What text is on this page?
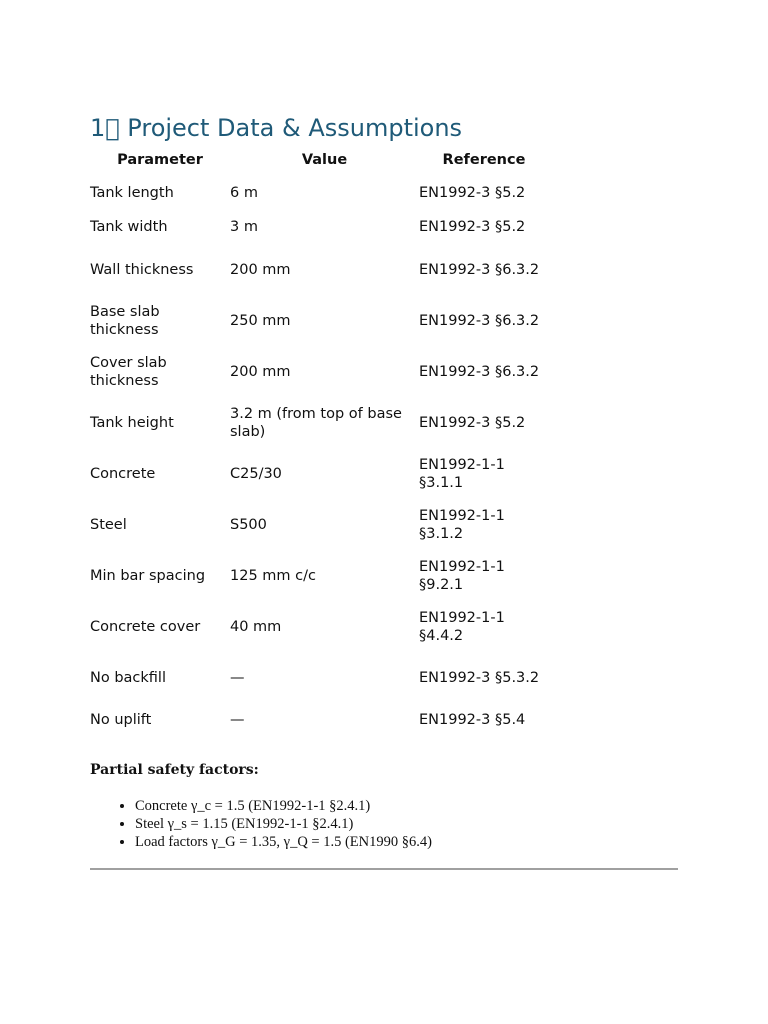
1⃣ Project Data & Assumptions
Parameter	Value	Reference
Tank length	6 m	EN1992-3 §5.2
Tank width	3 m	EN1992-3 §5.2
Wall thickness	200 mm	EN1992-3 §6.3.2
Base slab thickness	250 mm	EN1992-3 §6.3.2
Cover slab thickness	200 mm	EN1992-3 §6.3.2
Tank height	3.2 m (from top of base slab)	EN1992-3 §5.2
Concrete	C25/30	EN1992-1-1 §3.1.1
Steel	S500	EN1992-1-1 §3.1.2
Min bar spacing	125 mm c/c	EN1992-1-1 §9.2.1
Concrete cover	40 mm	EN1992-1-1 §4.4.2
No backfill	—	EN1992-3 §5.3.2
No uplift	—	EN1992-3 §5.4

Partial safety factors:

• Concrete γ_c = 1.5 (EN1992-1-1 §2.4.1)
• Steel γ_s = 1.15 (EN1992-1-1 §2.4.1)
• Load factors γ_G = 1.35, γ_Q = 1.5 (EN1990 §6.4)
